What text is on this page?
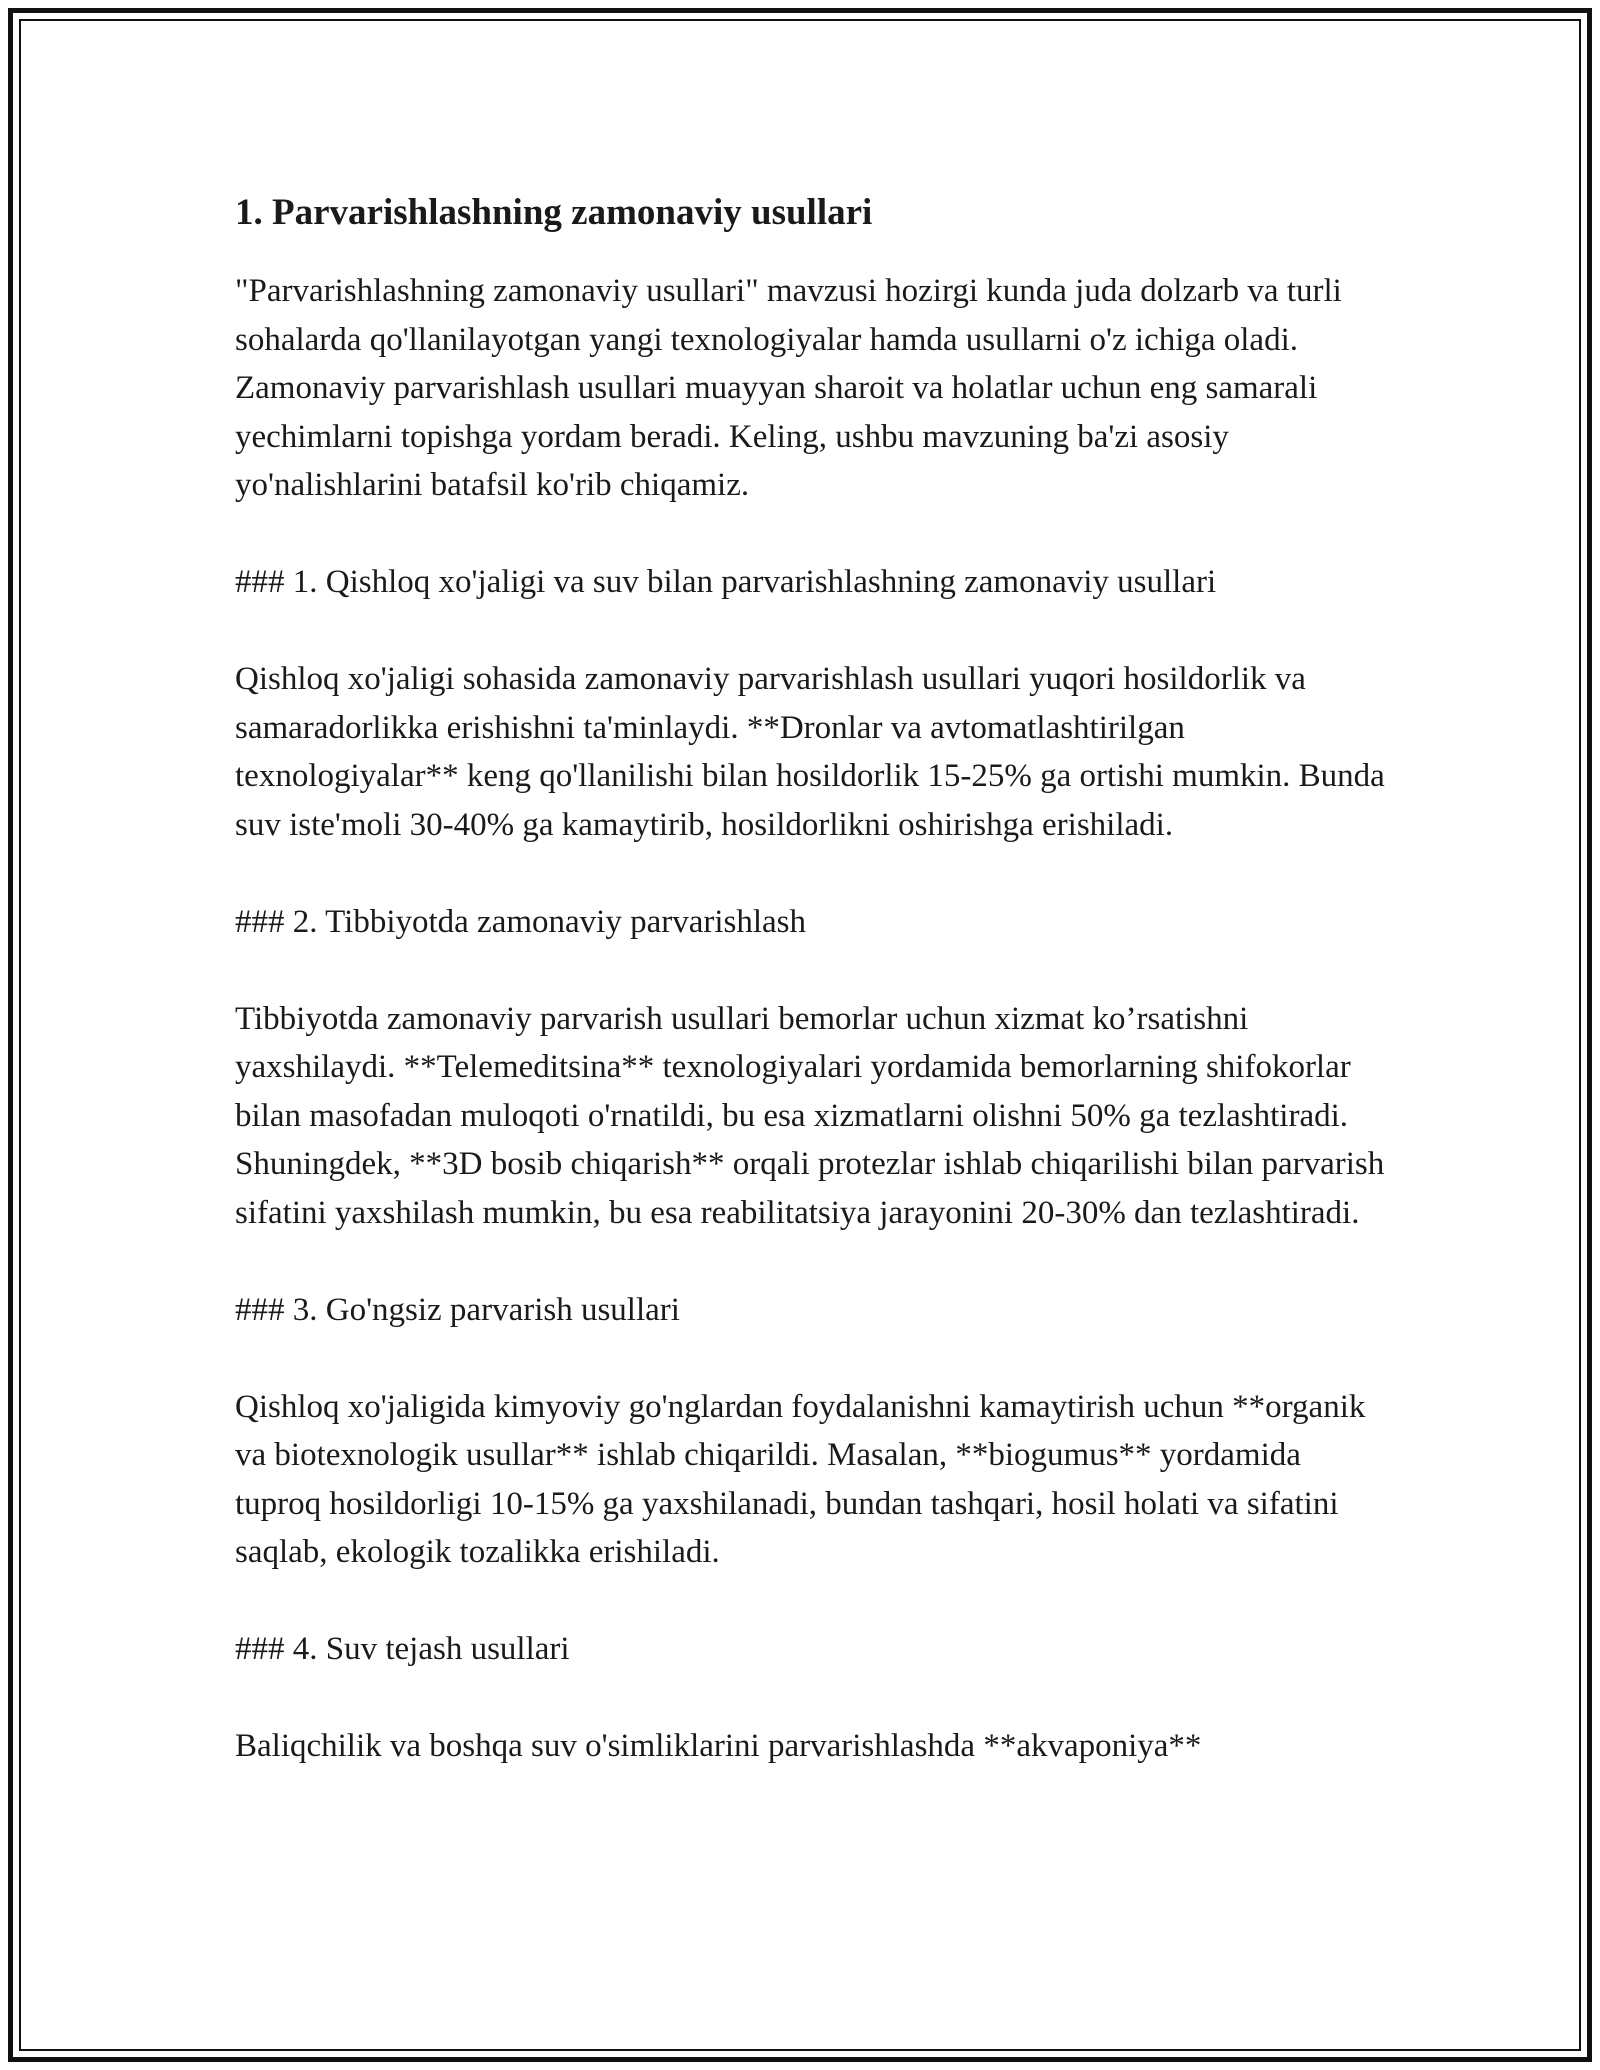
1. Parvarishlashning zamonaviy usullari

"Parvarishlashning zamonaviy usullari" mavzusi hozirgi kunda juda dolzarb va turli sohalarda qo'llanilayotgan yangi texnologiyalar hamda usullarni o'z ichiga oladi. Zamonaviy parvarishlash usullari muayyan sharoit va holatlar uchun eng samarali yechimlarni topishga yordam beradi. Keling, ushbu mavzuning ba'zi asosiy yo'nalishlarini batafsil ko'rib chiqamiz.

### 1. Qishloq xo'jaligi va suv bilan parvarishlashning zamonaviy usullari

Qishloq xo'jaligi sohasida zamonaviy parvarishlash usullari yuqori hosildorlik va samaradorlikka erishishni ta'minlaydi. **Dronlar va avtomatlashtirilgan texnologiyalar** keng qo'llanilishi bilan hosildorlik 15-25% ga ortishi mumkin. Bunda suv iste'moli 30-40% ga kamaytirib, hosildorlikni oshirishga erishiladi.

### 2. Tibbiyotda zamonaviy parvarishlash

Tibbiyotda zamonaviy parvarish usullari bemorlar uchun xizmat ko’rsatishni yaxshilaydi. **Telemeditsina** texnologiyalari yordamida bemorlarning shifokorlar bilan masofadan muloqoti o'rnatildi, bu esa xizmatlarni olishni 50% ga tezlashtiradi. Shuningdek, **3D bosib chiqarish** orqali protezlar ishlab chiqarilishi bilan parvarish sifatini yaxshilash mumkin, bu esa reabilitatsiya jarayonini 20-30% dan tezlashtiradi.

### 3. Go'ngsiz parvarish usullari

Qishloq xo'jaligida kimyoviy go'nglardan foydalanishni kamaytirish uchun **organik va biotexnologik usullar** ishlab chiqarildi. Masalan, **biogumus** yordamida tuproq hosildorligi 10-15% ga yaxshilanadi, bundan tashqari, hosil holati va sifatini saqlab, ekologik tozalikka erishiladi.

### 4. Suv tejash usullari

Baliqchilik va boshqa suv o'simliklarini parvarishlashda **akvaponiya**
